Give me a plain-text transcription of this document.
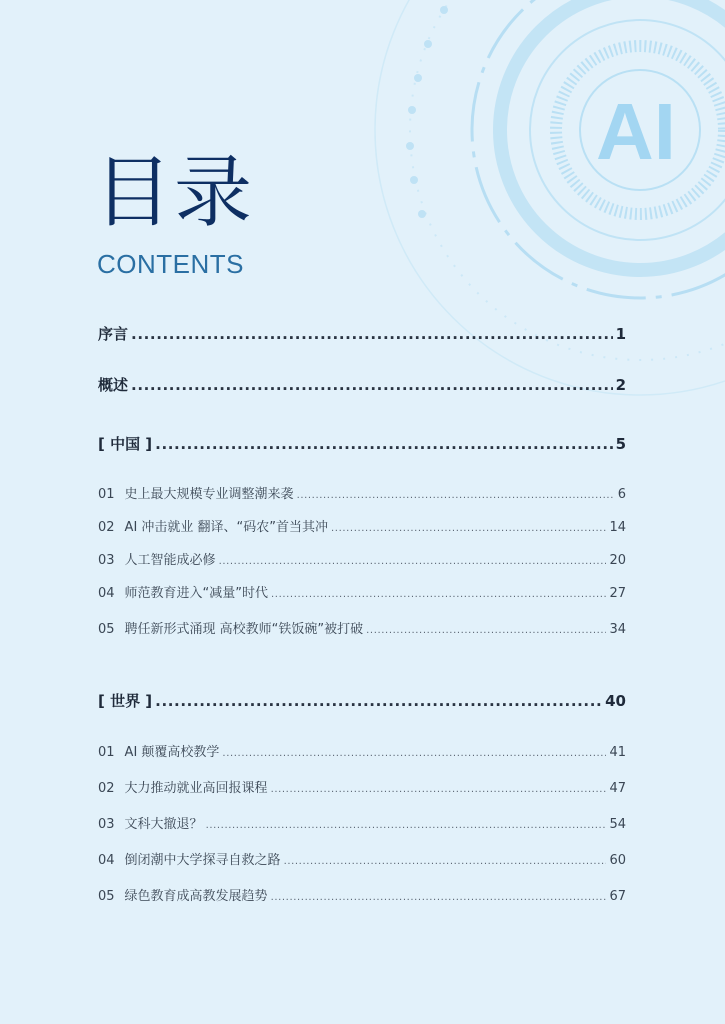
AI
目录
CONTENTS
序言 .....	1
概述 .....	2
[ 中国 ] .....	5
01 史上最大规模专业调整潮来袭 .....	6
02 AI 冲击就业 翻译、“码农”首当其冲 .....	14
03 人工智能成必修 .....	20
04 师范教育进入“减量”时代 .....	27
05 聘任新形式涌现 高校教师“铁饭碗”被打破 .....	34
[ 世界 ] .....	40
01 AI 颠覆高校教学 .....	41
02 大力推动就业高回报课程 .....	47
03 文科大撤退？ .....	54
04 倒闭潮中大学探寻自救之路 .....	60
05 绿色教育成高教发展趋势 .....	67
